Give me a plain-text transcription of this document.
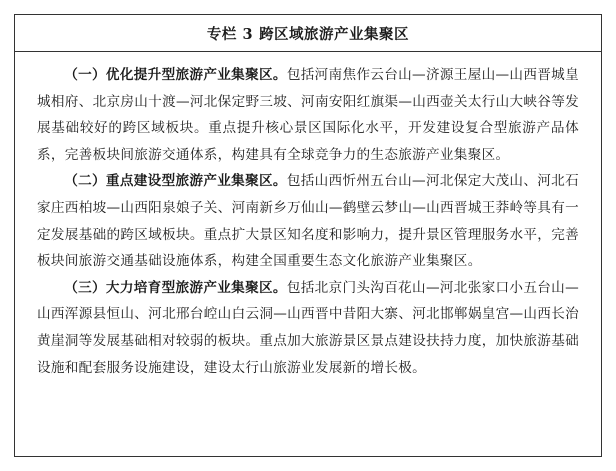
专栏 3 跨区域旅游产业集聚区

（一）优化提升型旅游产业集聚区。包括河南焦作云台山—济源王屋山—山西晋城皇城相府、北京房山十渡—河北保定野三坡、河南安阳红旗渠—山西壶关太行山大峡谷等发展基础较好的跨区域板块。重点提升核心景区国际化水平，开发建设复合型旅游产品体系，完善板块间旅游交通体系，构建具有全球竞争力的生态旅游产业集聚区。

（二）重点建设型旅游产业集聚区。包括山西忻州五台山—河北保定大茂山、河北石家庄西柏坡—山西阳泉娘子关、河南新乡万仙山—鹤壁云梦山—山西晋城王莽岭等具有一定发展基础的跨区域板块。重点扩大景区知名度和影响力，提升景区管理服务水平，完善板块间旅游交通基础设施体系，构建全国重要生态文化旅游产业集聚区。

（三）大力培育型旅游产业集聚区。包括北京门头沟百花山—河北张家口小五台山—山西浑源县恒山、河北邢台崆山白云洞—山西晋中昔阳大寨、河北邯郸娲皇宫—山西长治黄崖洞等发展基础相对较弱的板块。重点加大旅游景区景点建设扶持力度，加快旅游基础设施和配套服务设施建设，建设太行山旅游业发展新的增长极。
